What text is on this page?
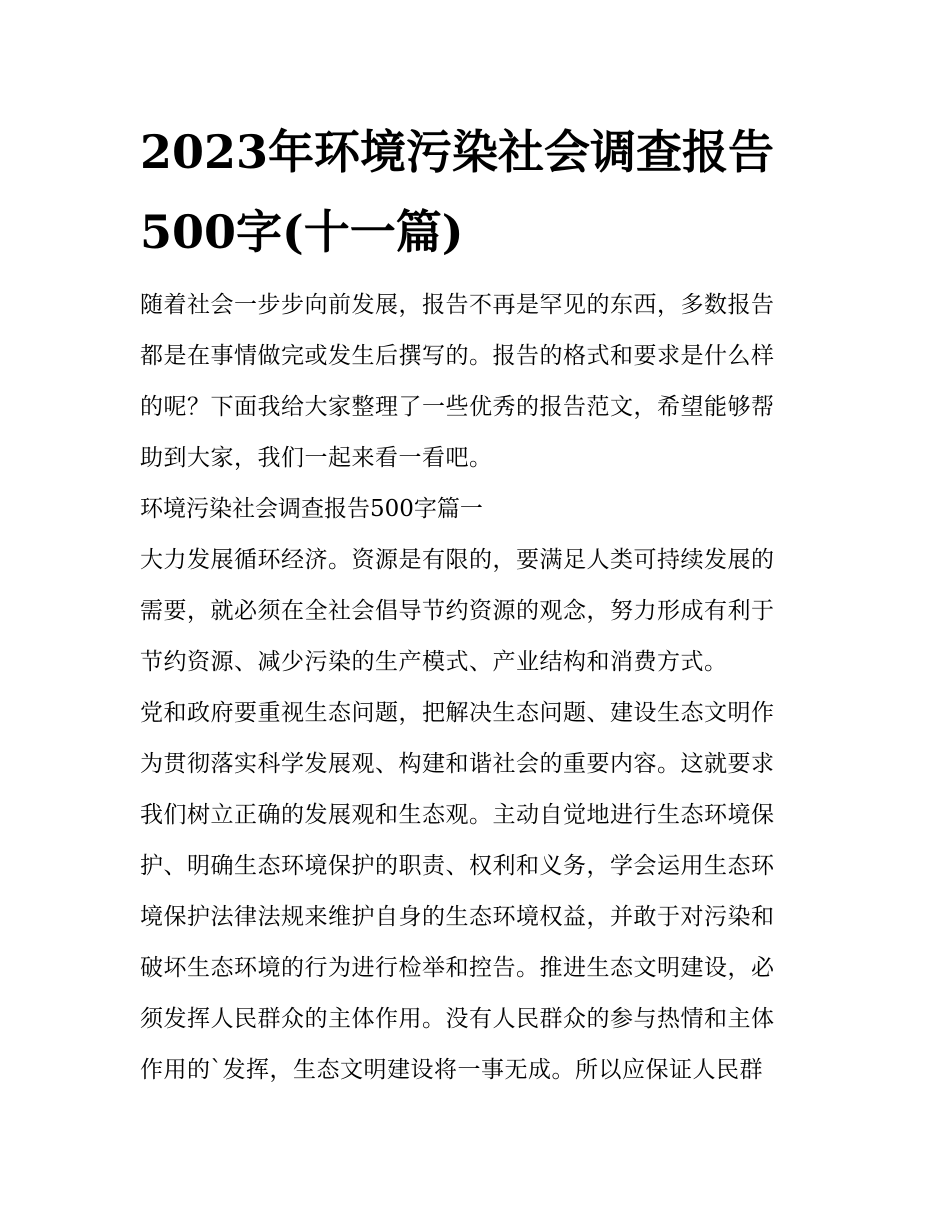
2023年环境污染社会调查报告
500字(十一篇)

随着社会一步步向前发展，报告不再是罕见的东西，多数报告
都是在事情做完或发生后撰写的。报告的格式和要求是什么样
的呢？下面我给大家整理了一些优秀的报告范文，希望能够帮
助到大家，我们一起来看一看吧。

环境污染社会调查报告500字篇一

大力发展循环经济。资源是有限的，要满足人类可持续发展的
需要，就必须在全社会倡导节约资源的观念，努力形成有利于
节约资源、减少污染的生产模式、产业结构和消费方式。

党和政府要重视生态问题，把解决生态问题、建设生态文明作
为贯彻落实科学发展观、构建和谐社会的重要内容。这就要求
我们树立正确的发展观和生态观。主动自觉地进行生态环境保
护、明确生态环境保护的职责、权利和义务，学会运用生态环
境保护法律法规来维护自身的生态环境权益，并敢于对污染和
破坏生态环境的行为进行检举和控告。推进生态文明建设，必
须发挥人民群众的主体作用。没有人民群众的参与热情和主体
作用的`发挥，生态文明建设将一事无成。所以应保证人民群
